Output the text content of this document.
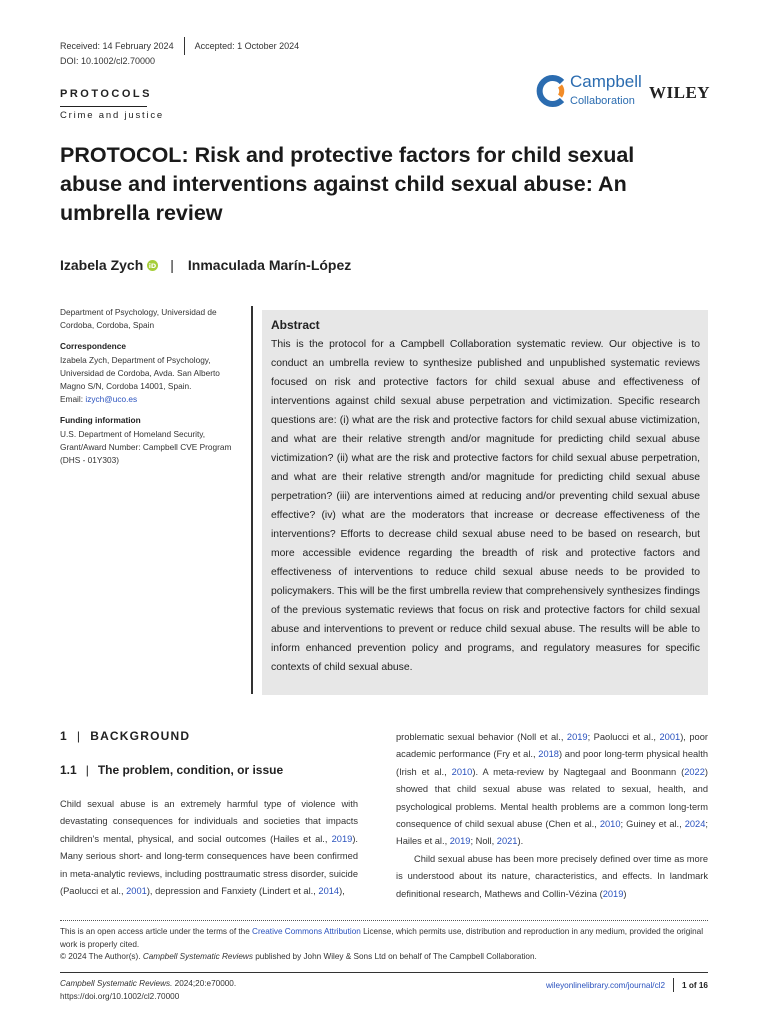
Received: 14 February 2024 Accepted: 1 October 2024
DOI: 10.1002/cl2.70000
PROTOCOLS
Crime and justice
Campbell
Collaboration WILEY
PROTOCOL: Risk and protective factors for child sexual abuse and interventions against child sexual abuse: An umbrella review
Izabela Zych iD | Inmaculada Marín-López
Department of Psychology, Universidad de Cordoba, Cordoba, Spain
Correspondence
Izabela Zych, Department of Psychology, Universidad de Cordoba, Avda. San Alberto Magno S/N, Cordoba 14001, Spain.
Email: izych@uco.es
Funding information
U.S. Department of Homeland Security, Grant/Award Number: Campbell CVE Program (DHS - 01Y303)
Abstract

This is the protocol for a Campbell Collaboration systematic review. Our objective is to conduct an umbrella review to synthesize published and unpublished systematic reviews focused on risk and protective factors for child sexual abuse and effectiveness of interventions against child sexual abuse perpetration and victimization. Specific research questions are: (i) what are the risk and protective factors for child sexual abuse victimization, and what are their relative strength and/or magnitude for predicting child sexual abuse victimization? (ii) what are the risk and protective factors for child sexual abuse perpetration, and what are their relative strength and/or magnitude for predicting child sexual abuse perpetration? (iii) are interventions aimed at reducing and/or preventing child sexual abuse effective? (iv) what are the moderators that increase or decrease effectiveness of the interventions? Efforts to decrease child sexual abuse need to be based on research, but more accessible evidence regarding the breadth of risk and protective factors and effectiveness of interventions to reduce child sexual abuse needs to be provided to policymakers. This will be the first umbrella review that comprehensively synthesizes findings of the previous systematic reviews that focus on risk and protective factors for child sexual abuse and interventions to prevent or reduce child sexual abuse. The results will be able to inform enhanced prevention policy and programs, and regulatory measures for specific contexts of child sexual abuse.

1 | BACKGROUND
1.1 | The problem, condition, or issue

Child sexual abuse is an extremely harmful type of violence with devastating consequences for individuals and societies that impacts children's mental, physical, and social outcomes (Hailes et al., 2019). Many serious short- and long-term consequences have been confirmed in meta-analytic reviews, including posttraumatic stress disorder, suicide (Paolucci et al., 2001), depression and Fanxiety (Lindert et al., 2014),

problematic sexual behavior (Noll et al., 2019; Paolucci et al., 2001), poor academic performance (Fry et al., 2018) and poor long-term physical health (Irish et al., 2010). A meta-review by Nagtegaal and Boonmann (2022) showed that child sexual abuse was related to sexual, health, and psychological problems. Mental health problems are a common long-term consequence of child sexual abuse (Chen et al., 2010; Guiney et al., 2024; Hailes et al., 2019; Noll, 2021).

Child sexual abuse has been more precisely defined over time as more is understood about its nature, characteristics, and effects. In landmark definitional research, Mathews and Collin-Vézina (2019)

This is an open access article under the terms of the Creative Commons Attribution License, which permits use, distribution and reproduction in any medium, provided the original work is properly cited.
© 2024 The Author(s). Campbell Systematic Reviews published by John Wiley & Sons Ltd on behalf of The Campbell Collaboration.
Campbell Systematic Reviews. 2024;20:e70000.
https://doi.org/10.1002/cl2.70000
wileyonlinelibrary.com/journal/cl2 1 of 16
